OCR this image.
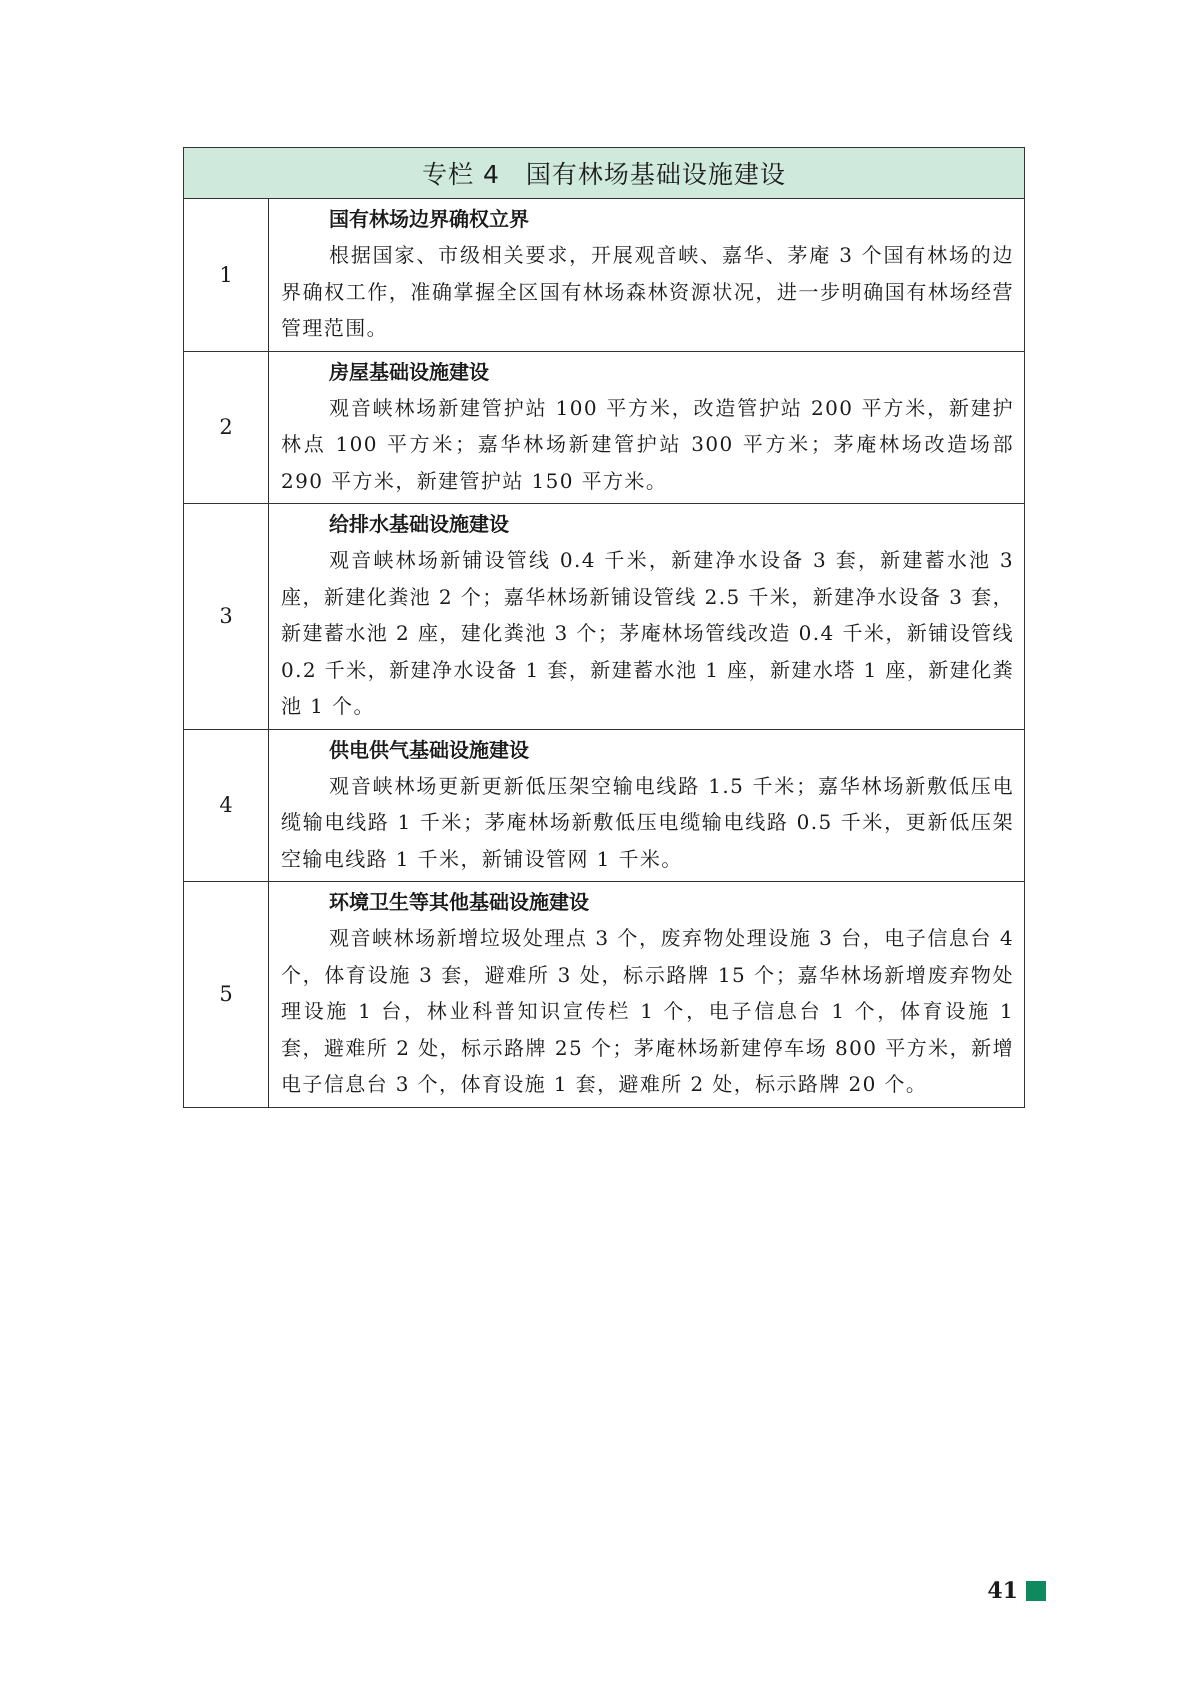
专栏 4　国有林场基础设施建设	
1	国有林场边界确权立界

根据国家、市级相关要求，开展观音峡、嘉华、茅庵 3 个国有林场的边界确权工作，准确掌握全区国有林场森林资源状况，进一步明确国有林场经营管理范围。

2	房屋基础设施建设

观音峡林场新建管护站 100 平方米，改造管护站 200 平方米，新建护林点 100 平方米；嘉华林场新建管护站 300 平方米；茅庵林场改造场部 290 平方米，新建管护站 150 平方米。

3	给排水基础设施建设

观音峡林场新铺设管线 0.4 千米，新建净水设备 3 套，新建蓄水池 3 座，新建化粪池 2 个；嘉华林场新铺设管线 2.5 千米，新建净水设备 3 套，新建蓄水池 2 座，建化粪池 3 个；茅庵林场管线改造 0.4 千米，新铺设管线 0.2 千米，新建净水设备 1 套，新建蓄水池 1 座，新建水塔 1 座，新建化粪池 1 个。

4	供电供气基础设施建设

观音峡林场更新更新低压架空输电线路 1.5 千米；嘉华林场新敷低压电缆输电线路 1 千米；茅庵林场新敷低压电缆输电线路 0.5 千米，更新低压架空输电线路 1 千米，新铺设管网 1 千米。

5	环境卫生等其他基础设施建设

观音峡林场新增垃圾处理点 3 个，废弃物处理设施 3 台，电子信息台 4 个，体育设施 3 套，避难所 3 处，标示路牌 15 个；嘉华林场新增废弃物处理设施 1 台，林业科普知识宣传栏 1 个，电子信息台 1 个，体育设施 1 套，避难所 2 处，标示路牌 25 个；茅庵林场新建停车场 800 平方米，新增电子信息台 3 个，体育设施 1 套，避难所 2 处，标示路牌 20 个。

41
